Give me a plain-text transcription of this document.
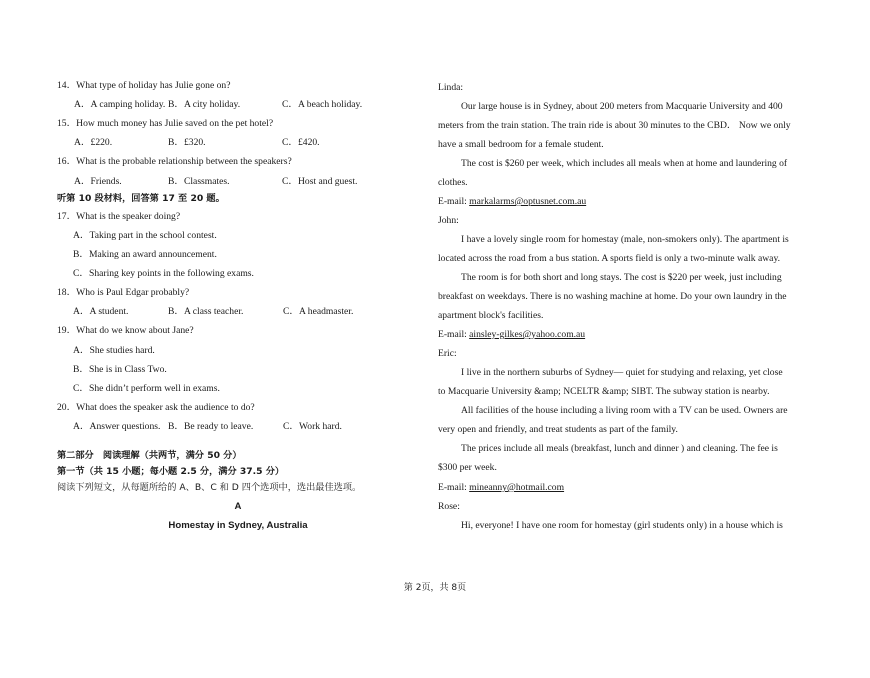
14．What type of holiday has Julie gone on?
A．A camping holiday. B．A city holiday.	C．A beach holiday.
15．How much money has Julie saved on the pet hotel?
A．£220.	B．£320.	C．£420.
16．What is the probable relationship between the speakers?
A．Friends.	B．Classmates.	C．Host and guest.
听第 10 段材料，回答第 17 至 20 题。
17．What is the speaker doing?
A．Taking part in the school contest.
B．Making an award announcement.
C．Sharing key points in the following exams.
18．Who is Paul Edgar probably?
A．A student.	B．A class teacher.	C．A headmaster.
19．What do we know about Jane?
A．She studies hard.
B．She is in Class Two.
C．She didn’t perform well in exams.
20．What does the speaker ask the audience to do?
A．Answer questions. B．Be ready to leave.	C．Work hard.
第二部分　阅读理解（共两节，满分 50 分）
第一节（共 15 小题；每小题 2.5 分，满分 37.5 分）
阅读下列短文，从每题所给的 A、B、C 和 D 四个选项中，选出最佳选项。
A
Homestay in Sydney, Australia
Linda:
Our large house is in Sydney, about 200 meters from Macquarie University and 400
meters from the train station. The train ride is about 30 minutes to the CBD． Now we only
have a small bedroom for a female student.
The cost is $260 per week, which includes all meals when at home and laundering of
clothes.
E-mail: markalarms@optusnet.com.au
John:
I have a lovely single room for homestay (male, non-smokers only). The apartment is
located across the road from a bus station. A sports field is only a two-minute walk away.
The room is for both short and long stays. The cost is $220 per week, just including
breakfast on weekdays. There is no washing machine at home. Do your own laundry in the
apartment block's facilities.
E-mail: ainsley-gilkes@yahoo.com.au
Eric:
I live in the northern suburbs of Sydney— quiet for studying and relaxing, yet close
to Macquarie University &amp; NCELTR &amp; SIBT. The subway station is nearby.
All facilities of the house including a living room with a TV can be used. Owners are
very open and friendly, and treat students as part of the family.
The prices include all meals (breakfast, lunch and dinner ) and cleaning. The fee is
$300 per week.
E-mail: mineanny@hotmail.com
Rose:
Hi, everyone! I have one room for homestay (girl students only) in a house which is
第 2页，共 8页
